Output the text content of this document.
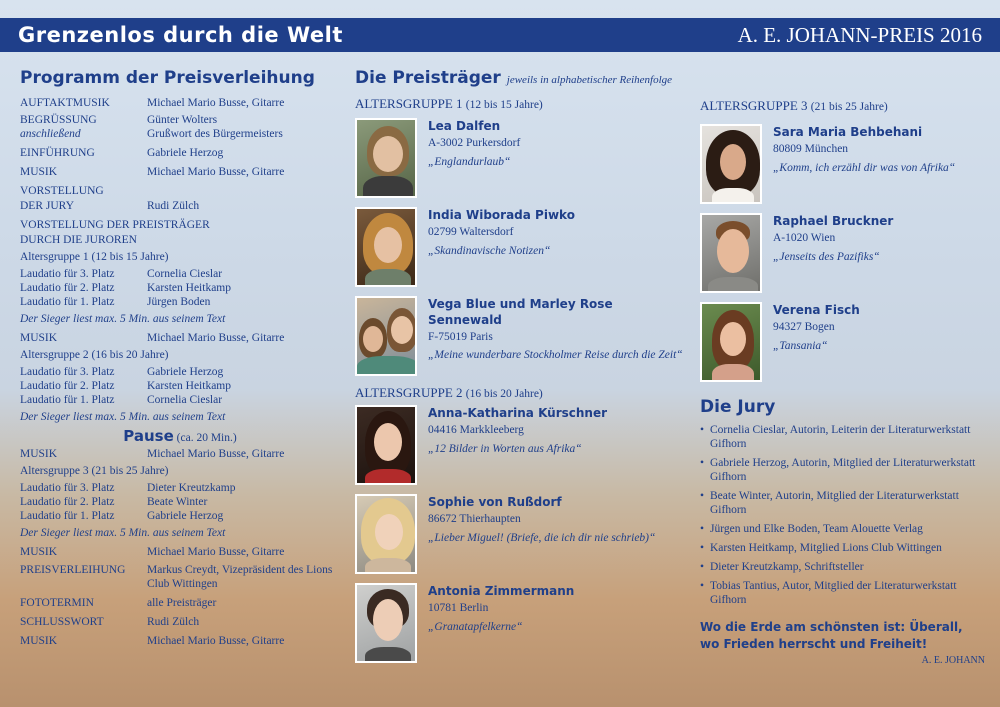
Grenzenlos durch die Welt	A. E. JOHANN-PREIS 2016
Programm der Preisverleihung
AUFTAKTMUSIK	Michael Mario Busse, Gitarre
BEGRÜSSUNG	Günter Wolters
anschließend	Grußwort des Bürgermeisters
EINFÜHRUNG	Gabriele Herzog
MUSIK	Michael Mario Busse, Gitarre
VORSTELLUNG
DER JURY	Rudi Zülch
VORSTELLUNG DER PREISTRÄGER
DURCH DIE JUROREN
Altersgruppe 1 (12 bis 15 Jahre)
Laudatio für 3. Platz	Cornelia Cieslar
Laudatio für 2. Platz	Karsten Heitkamp
Laudatio für 1. Platz	Jürgen Boden
Der Sieger liest max. 5 Min. aus seinem Text
MUSIK	Michael Mario Busse, Gitarre
Altersgruppe 2 (16 bis 20 Jahre)
Laudatio für 3. Platz	Gabriele Herzog
Laudatio für 2. Platz	Karsten Heitkamp
Laudatio für 1. Platz	Cornelia Cieslar
Der Sieger liest max. 5 Min. aus seinem Text
Pause (ca. 20 Min.)
MUSIK	Michael Mario Busse, Gitarre
Altersgruppe 3 (21 bis 25 Jahre)
Laudatio für 3. Platz	Dieter Kreutzkamp
Laudatio für 2. Platz	Beate Winter
Laudatio für 1. Platz	Gabriele Herzog
Der Sieger liest max. 5 Min. aus seinem Text
MUSIK	Michael Mario Busse, Gitarre
PREISVERLEIHUNG	Markus Creydt, Vizepräsident des Lions Club Wittingen
FOTOTERMIN	alle Preisträger
SCHLUSSWORT	Rudi Zülch
MUSIK	Michael Mario Busse, Gitarre
Die Preisträger jeweils in alphabetischer Reihenfolge
ALTERSGRUPPE 1 (12 bis 15 Jahre)
Lea Dalfen
A-3002 Purkersdorf
„Englandurlaub“
India Wiborada Piwko
02799 Waltersdorf
„Skandinavische Notizen“
Vega Blue und Marley Rose Sennewald
F-75019 Paris
„Meine wunderbare Stockholmer Reise durch die Zeit“
ALTERSGRUPPE 2 (16 bis 20 Jahre)
Anna-Katharina Kürschner
04416 Markkleeberg
„12 Bilder in Worten aus Afrika“
Sophie von Rußdorf
86672 Thierhaupten
„Lieber Miguel! (Briefe, die ich dir nie schrieb)“
Antonia Zimmermann
10781 Berlin
„Granatapfelkerne“
ALTERSGRUPPE 3 (21 bis 25 Jahre)
Sara Maria Behbehani
80809 München
„Komm, ich erzähl dir was von Afrika“
Raphael Bruckner
A-1020 Wien
„Jenseits des Pazifiks“
Verena Fisch
94327 Bogen
„Tansania“
Die Jury
• Cornelia Cieslar, Autorin, Leiterin der Literaturwerkstatt Gifhorn
• Gabriele Herzog, Autorin, Mitglied der Literaturwerkstatt Gifhorn
• Beate Winter, Autorin, Mitglied der Literaturwerkstatt Gifhorn
• Jürgen und Elke Boden, Team Alouette Verlag
• Karsten Heitkamp, Mitglied Lions Club Wittingen
• Dieter Kreutzkamp, Schriftsteller
• Tobias Tantius, Autor, Mitglied der Literaturwerkstatt Gifhorn
Wo die Erde am schönsten ist: Überall, wo Frieden herrscht und Freiheit!
A. E. JOHANN
